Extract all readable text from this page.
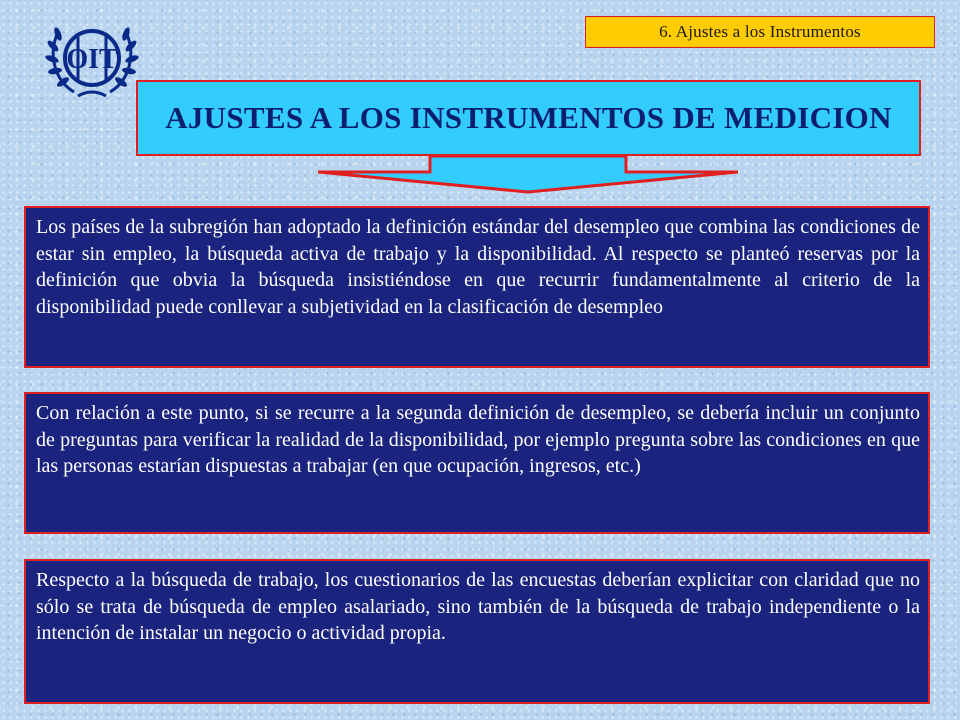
6. Ajustes a los Instrumentos
OIT
AJUSTES A LOS INSTRUMENTOS DE MEDICION
Los países de la subregión han adoptado la definición estándar del desempleo que combina las condiciones de estar sin empleo, la búsqueda activa de trabajo y la disponibilidad. Al respecto se planteó reservas por la definición que obvia la búsqueda insistiéndose en que recurrir fundamentalmente al criterio de la disponibilidad puede conllevar a subjetividad en la clasificación de desempleo
Con relación a este punto, si se recurre a la segunda definición de desempleo, se debería incluir un conjunto de preguntas para verificar la realidad de la disponibilidad, por ejemplo pregunta sobre las condiciones en que las personas estarían dispuestas a trabajar (en que ocupación, ingresos, etc.)
Respecto a la búsqueda de trabajo, los cuestionarios de las encuestas deberían explicitar con claridad que no sólo se trata de búsqueda de empleo asalariado, sino también de la búsqueda de trabajo independiente o la intención de instalar un negocio o actividad propia.
